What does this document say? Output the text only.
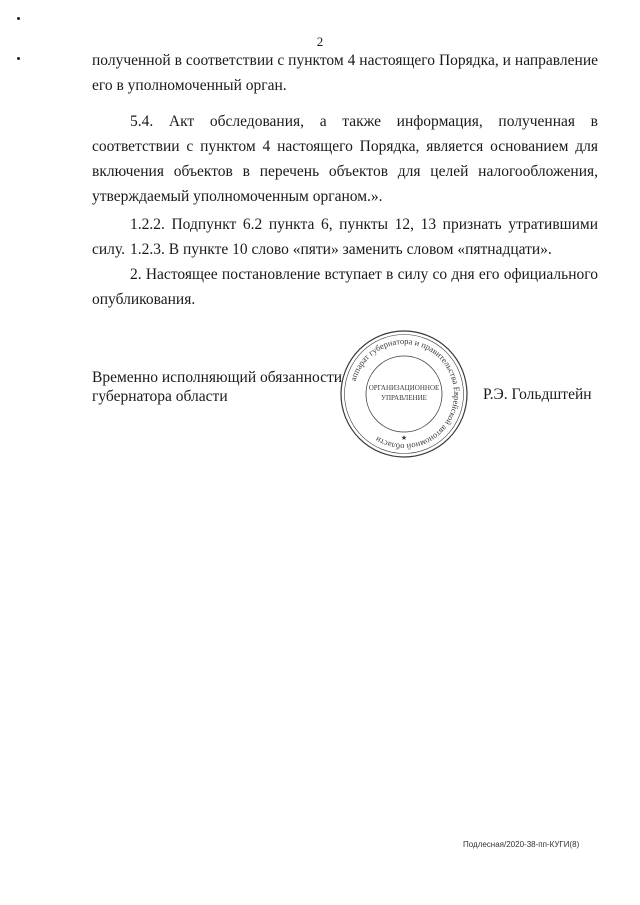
2

полученной в соответствии с пунктом 4 настоящего Порядка, и направление его в уполномоченный орган.

5.4. Акт обследования, а также информация, полученная в соответствии с пунктом 4 настоящего Порядка, является основанием для включения объектов в перечень объектов для целей налогообложения, утверждаемый уполномоченным органом.».

1.2.2. Подпункт 6.2 пункта 6, пункты 12, 13 признать утратившими силу. 1.2.3. В пункте 10 слово «пяти» заменить словом «пятнадцати».

2. Настоящее постановление вступает в силу со дня его официального опубликования.

Временно исполняющий обязанности
губернатора области
аппарат губернатора и правительства Еврейской автономной области
ОРГАНИЗАЦИОННОЕ
УПРАВЛЕНИЕ
★
Р.Э. Гольдштейн
Подлесная/2020-38-пп-КУГИ(8)
